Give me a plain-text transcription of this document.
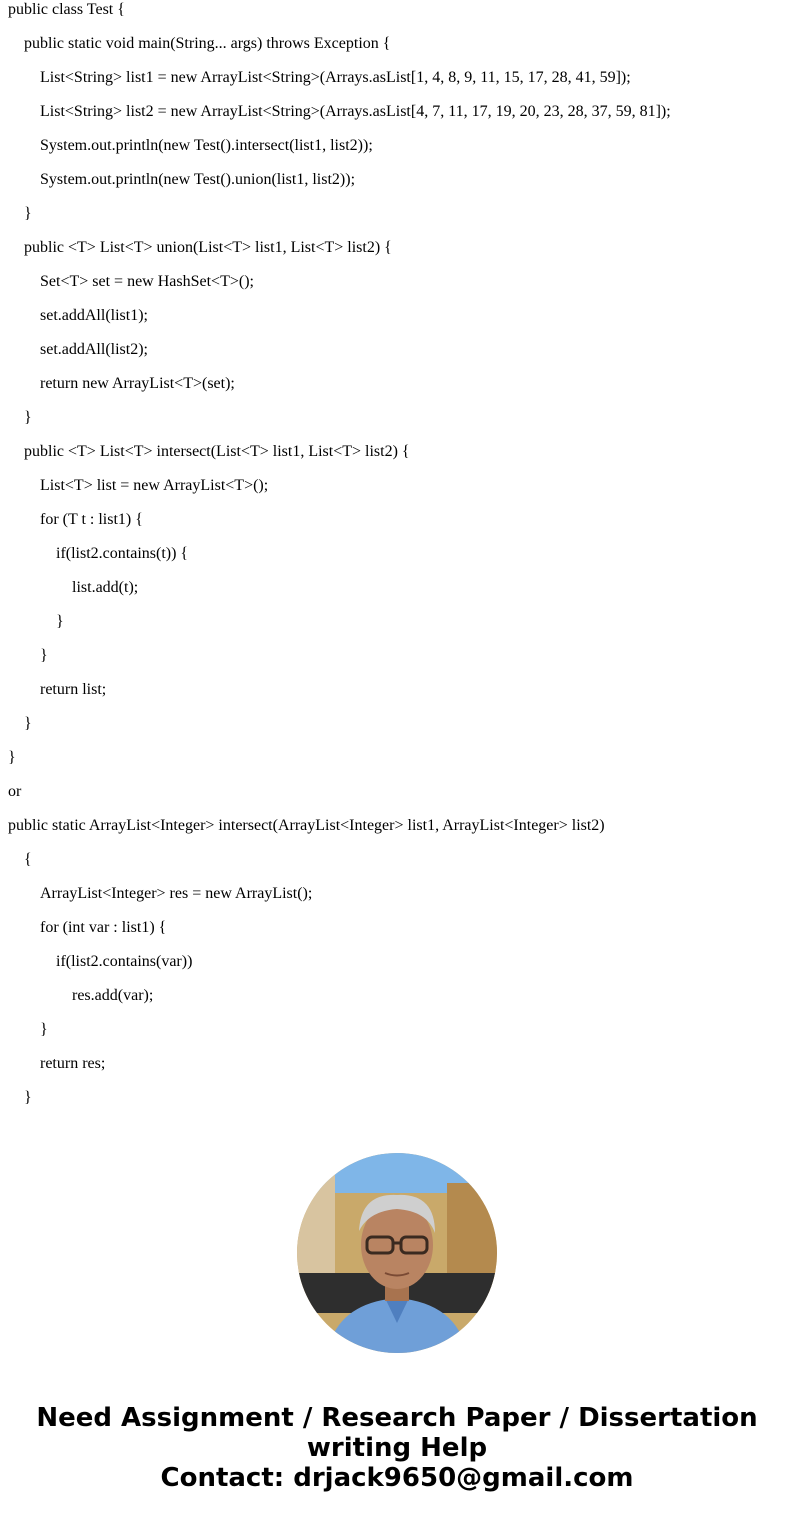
public class Test {
public static void main(String... args) throws Exception {
List<String> list1 = new ArrayList<String>(Arrays.asList[1, 4, 8, 9, 11, 15, 17, 28, 41, 59]);
List<String> list2 = new ArrayList<String>(Arrays.asList[4, 7, 11, 17, 19, 20, 23, 28, 37, 59, 81]);
System.out.println(new Test().intersect(list1, list2));
System.out.println(new Test().union(list1, list2));
}
public <T> List<T> union(List<T> list1, List<T> list2) {
Set<T> set = new HashSet<T>();
set.addAll(list1);
set.addAll(list2);
return new ArrayList<T>(set);
}
public <T> List<T> intersect(List<T> list1, List<T> list2) {
List<T> list = new ArrayList<T>();
for (T t : list1) {
if(list2.contains(t)) {
list.add(t);
}
}
return list;
}
}
or
public static ArrayList<Integer> intersect(ArrayList<Integer> list1, ArrayList<Integer> list2)
{
ArrayList<Integer> res = new ArrayList();
for (int var : list1) {
if(list2.contains(var))
res.add(var);
}
return res;
}
Need Assignment / Research Paper / Dissertation
writing Help
Contact: drjack9650@gmail.com
